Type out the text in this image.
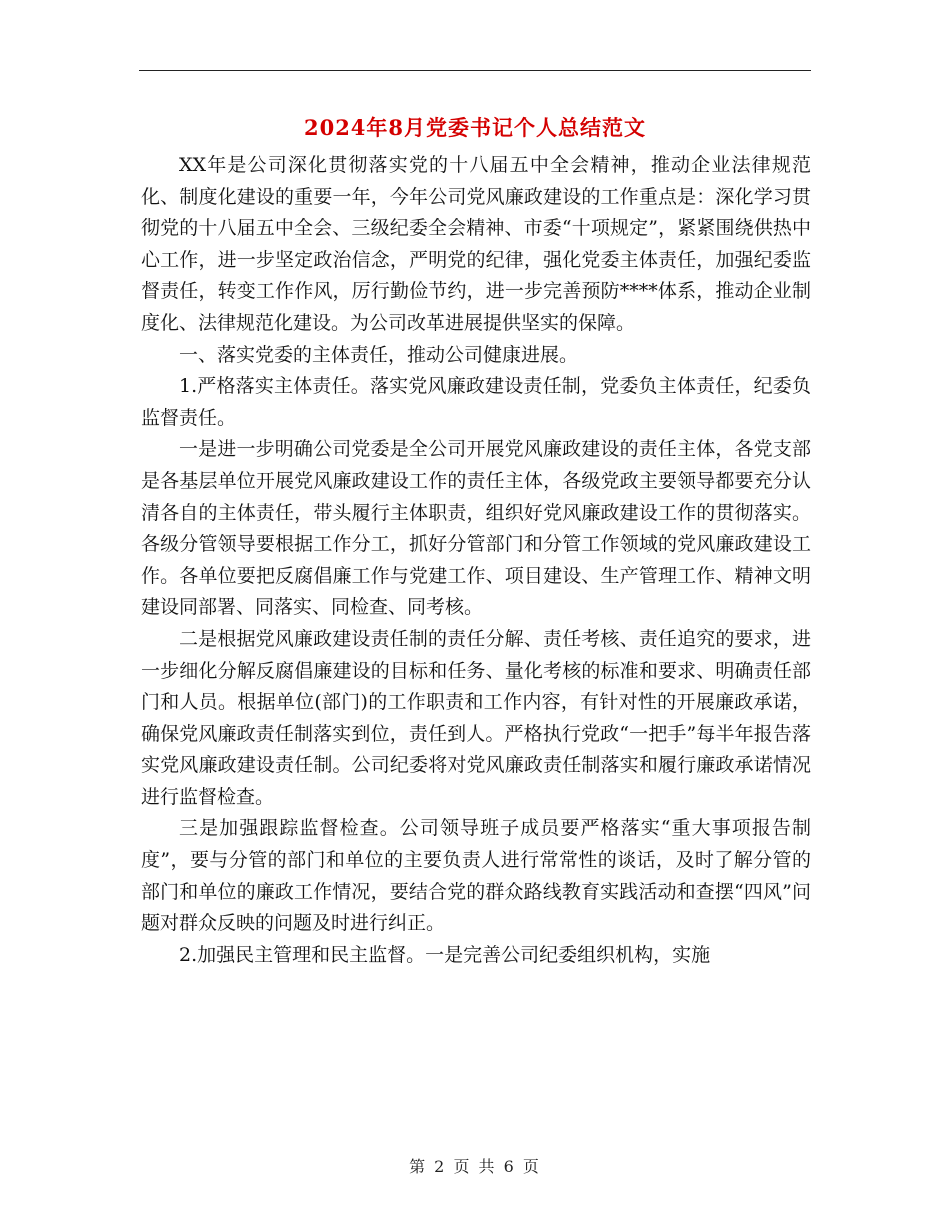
2024年8月党委书记个人总结范文

XX年是公司深化贯彻落实党的十八届五中全会精神，推动企业法律规范化、制度化建设的重要一年，今年公司党风廉政建设的工作重点是：深化学习贯彻党的十八届五中全会、三级纪委全会精神、市委“十项规定”，紧紧围绕供热中心工作，进一步坚定政治信念，严明党的纪律，强化党委主体责任，加强纪委监督责任，转变工作作风，厉行勤俭节约，进一步完善预防****体系，推动企业制度化、法律规范化建设。为公司改革进展提供坚实的保障。

一、落实党委的主体责任，推动公司健康进展。

1.严格落实主体责任。落实党风廉政建设责任制，党委负主体责任，纪委负监督责任。

一是进一步明确公司党委是全公司开展党风廉政建设的责任主体，各党支部是各基层单位开展党风廉政建设工作的责任主体，各级党政主要领导都要充分认清各自的主体责任，带头履行主体职责，组织好党风廉政建设工作的贯彻落实。各级分管领导要根据工作分工，抓好分管部门和分管工作领域的党风廉政建设工作。各单位要把反腐倡廉工作与党建工作、项目建设、生产管理工作、精神文明建设同部署、同落实、同检查、同考核。

二是根据党风廉政建设责任制的责任分解、责任考核、责任追究的要求，进一步细化分解反腐倡廉建设的目标和任务、量化考核的标准和要求、明确责任部门和人员。根据单位(部门)的工作职责和工作内容，有针对性的开展廉政承诺，确保党风廉政责任制落实到位，责任到人。严格执行党政“一把手”每半年报告落实党风廉政建设责任制。公司纪委将对党风廉政责任制落实和履行廉政承诺情况进行监督检查。

三是加强跟踪监督检查。公司领导班子成员要严格落实“重大事项报告制度”，要与分管的部门和单位的主要负责人进行常常性的谈话，及时了解分管的部门和单位的廉政工作情况，要结合党的群众路线教育实践活动和查摆“四风”问题对群众反映的问题及时进行纠正。

2.加强民主管理和民主监督。一是完善公司纪委组织机构，实施

第 2 页 共 6 页
